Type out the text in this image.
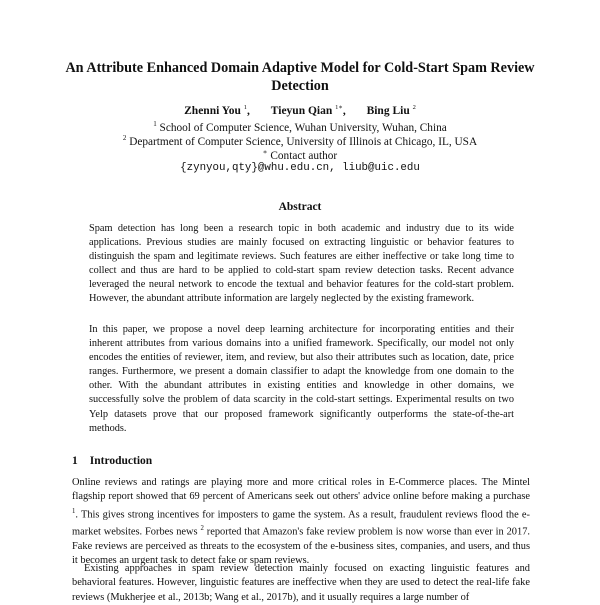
An Attribute Enhanced Domain Adaptive Model for Cold-Start Spam Review Detection
Zhenni You $^1$, Tieyun Qian $^{1∗}$, Bing Liu $^2$
$^1$ School of Computer Science, Wuhan University, Wuhan, China
$^2$ Department of Computer Science, University of Illinois at Chicago, IL, USA
∗ Contact author
{zynyou,qty}@whu.edu.cn, liub@uic.edu
Abstract

Spam detection has long been a research topic in both academic and industry due to its wide applications. Previous studies are mainly focused on extracting linguistic or behavior features to distinguish the spam and legitimate reviews. Such features are either ineffective or take long time to collect and thus are hard to be applied to cold-start spam review detection tasks. Recent advance leveraged the neural network to encode the textual and behavior features for the cold-start problem. However, the abundant attribute information are largely neglected by the existing framework.

In this paper, we propose a novel deep learning architecture for incorporating entities and their inherent attributes from various domains into a unified framework. Specifically, our model not only encodes the entities of reviewer, item, and review, but also their attributes such as location, date, price ranges. Furthermore, we present a domain classifier to adapt the knowledge from one domain to the other. With the abundant attributes in existing entities and knowledge in other domains, we successfully solve the problem of data scarcity in the cold-start settings. Experimental results on two Yelp datasets prove that our proposed framework significantly outperforms the state-of-the-art methods.

1 Introduction

Online reviews and ratings are playing more and more critical roles in E-Commerce places. The Mintel flagship report showed that 69 percent of Americans seek out others' advice online before making a purchase $^1$. This gives strong incentives for imposters to game the system. As a result, fraudulent reviews flood the e-market websites. Forbes news $^2$ reported that Amazon's fake review problem is now worse than ever in 2017. Fake reviews are perceived as threats to the ecosystem of the e-business sites, companies, and users, and thus it becomes an urgent task to detect fake or spam reviews.

Existing approaches in spam review detection mainly focused on exacting linguistic features and behavioral features. However, linguistic features are ineffective when they are used to detect the real-life fake reviews (Mukherjee et al., 2013b; Wang et al., 2017b), and it usually requires a large number of
